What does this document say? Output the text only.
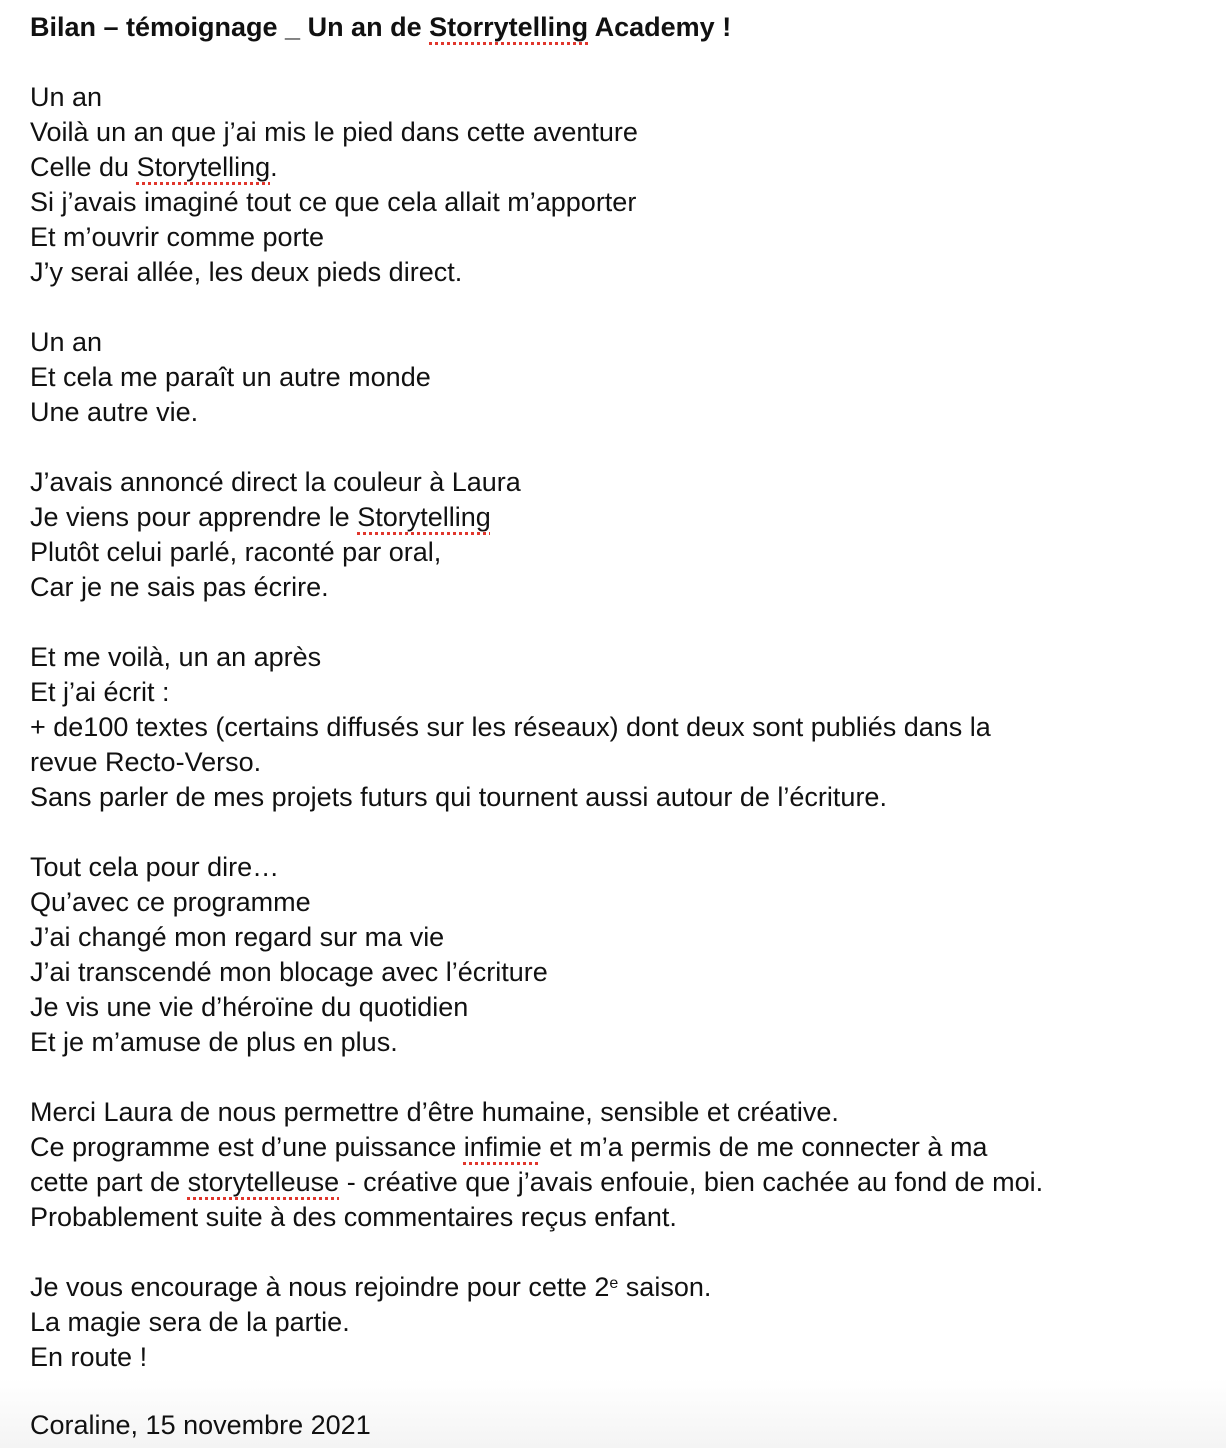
Bilan – témoignage _ Un an de Storrytelling Academy !

Un an
Voilà un an que j’ai mis le pied dans cette aventure
Celle du Storytelling.
Si j’avais imaginé tout ce que cela allait m’apporter
Et m’ouvrir comme porte
J’y serai allée, les deux pieds direct.
Un an
Et cela me paraît un autre monde
Une autre vie.
J’avais annoncé direct la couleur à Laura
Je viens pour apprendre le Storytelling
Plutôt celui parlé, raconté par oral,
Car je ne sais pas écrire.
Et me voilà, un an après
Et j’ai écrit :
+ de100 textes (certains diffusés sur les réseaux) dont deux sont publiés dans la
revue Recto-Verso.
Sans parler de mes projets futurs qui tournent aussi autour de l’écriture.
Tout cela pour dire…
Qu’avec ce programme
J’ai changé mon regard sur ma vie
J’ai transcendé mon blocage avec l’écriture
Je vis une vie d’héroïne du quotidien
Et je m’amuse de plus en plus.
Merci Laura de nous permettre d’être humaine, sensible et créative.
Ce programme est d’une puissance infimie et m’a permis de me connecter à ma
cette part de storytelleuse - créative que j’avais enfouie, bien cachée au fond de moi.
Probablement suite à des commentaires reçus enfant.
Je vous encourage à nous rejoindre pour cette 2e saison.
La magie sera de la partie.
En route !

Coraline, 15 novembre 2021
